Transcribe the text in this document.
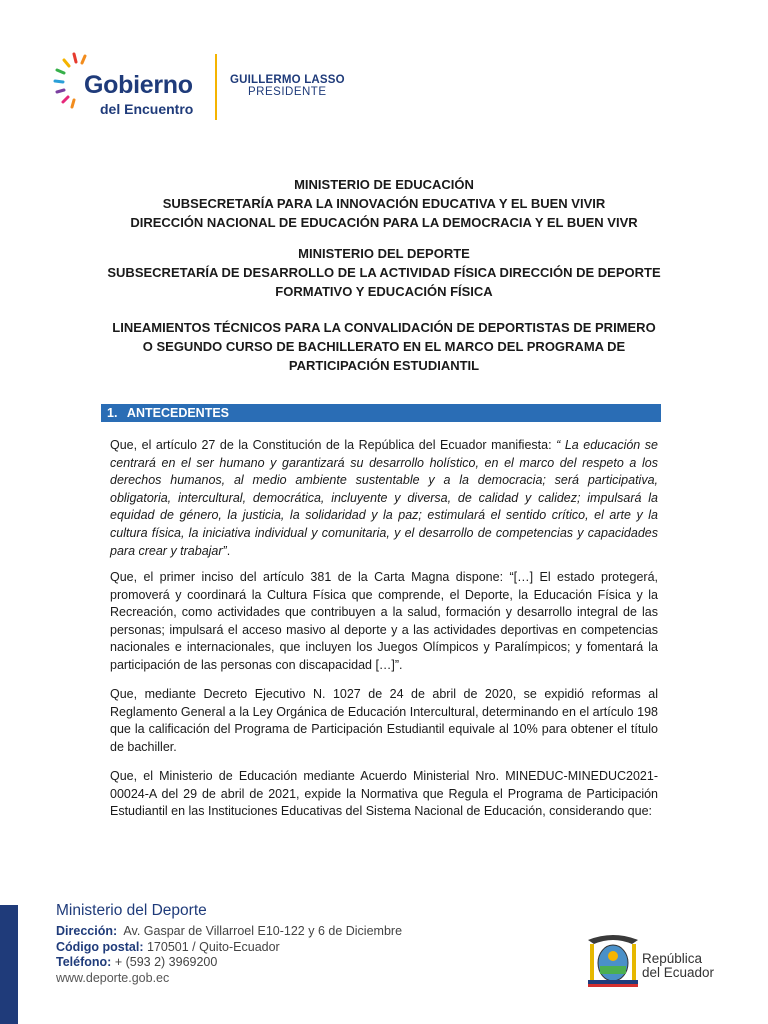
Gobierno
del Encuentro
GUILLERMO LASSO
PRESIDENTE
MINISTERIO DE EDUCACIÓN
SUBSECRETARÍA PARA LA INNOVACIÓN EDUCATIVA Y EL BUEN VIVIR
DIRECCIÓN NACIONAL DE EDUCACIÓN PARA LA DEMOCRACIA Y EL BUEN VIVR
MINISTERIO DEL DEPORTE
SUBSECRETARÍA DE DESARROLLO DE LA ACTIVIDAD FÍSICA DIRECCIÓN DE DEPORTE
FORMATIVO Y EDUCACIÓN FÍSICA
LINEAMIENTOS TÉCNICOS PARA LA CONVALIDACIÓN DE DEPORTISTAS DE PRIMERO
O SEGUNDO CURSO DE BACHILLERATO EN EL MARCO DEL PROGRAMA DE
PARTICIPACIÓN ESTUDIANTIL
1. ANTECEDENTES
Que, el artículo 27 de la Constitución de la República del Ecuador manifiesta: “ La educación se centrará en el ser humano y garantizará su desarrollo holístico, en el marco del respeto a los derechos humanos, al medio ambiente sustentable y a la democracia; será participativa, obligatoria, intercultural, democrática, incluyente y diversa, de calidad y calidez; impulsará la equidad de género, la justicia, la solidaridad y la paz; estimulará el sentido crítico, el arte y la cultura física, la iniciativa individual y comunitaria, y el desarrollo de competencias y capacidades para crear y trabajar”.
Que, el primer inciso del artículo 381 de la Carta Magna dispone: “[…] El estado protegerá, promoverá y coordinará la Cultura Física que comprende, el Deporte, la Educación Física y la Recreación, como actividades que contribuyen a la salud, formación y desarrollo integral de las personas; impulsará el acceso masivo al deporte y a las actividades deportivas en competencias nacionales e internacionales, que incluyen los Juegos Olímpicos y Paralímpicos; y fomentará la participación de las personas con discapacidad […]”.
Que, mediante Decreto Ejecutivo N. 1027 de 24 de abril de 2020, se expidió reformas al Reglamento General a la Ley Orgánica de Educación Intercultural, determinando en el artículo 198 que la calificación del Programa de Participación Estudiantil equivale al 10% para obtener el título de bachiller.
Que, el Ministerio de Educación mediante Acuerdo Ministerial Nro. MINEDUC-MINEDUC2021-00024-A del 29 de abril de 2021, expide la Normativa que Regula el Programa de Participación Estudiantil en las Instituciones Educativas del Sistema Nacional de Educación, considerando que:
Ministerio del Deporte
Dirección: Av. Gaspar de Villarroel E10-122 y 6 de Diciembre
Código postal: 170501 / Quito-Ecuador
Teléfono: + (593 2) 3969200
www.deporte.gob.ec
República
del Ecuador
